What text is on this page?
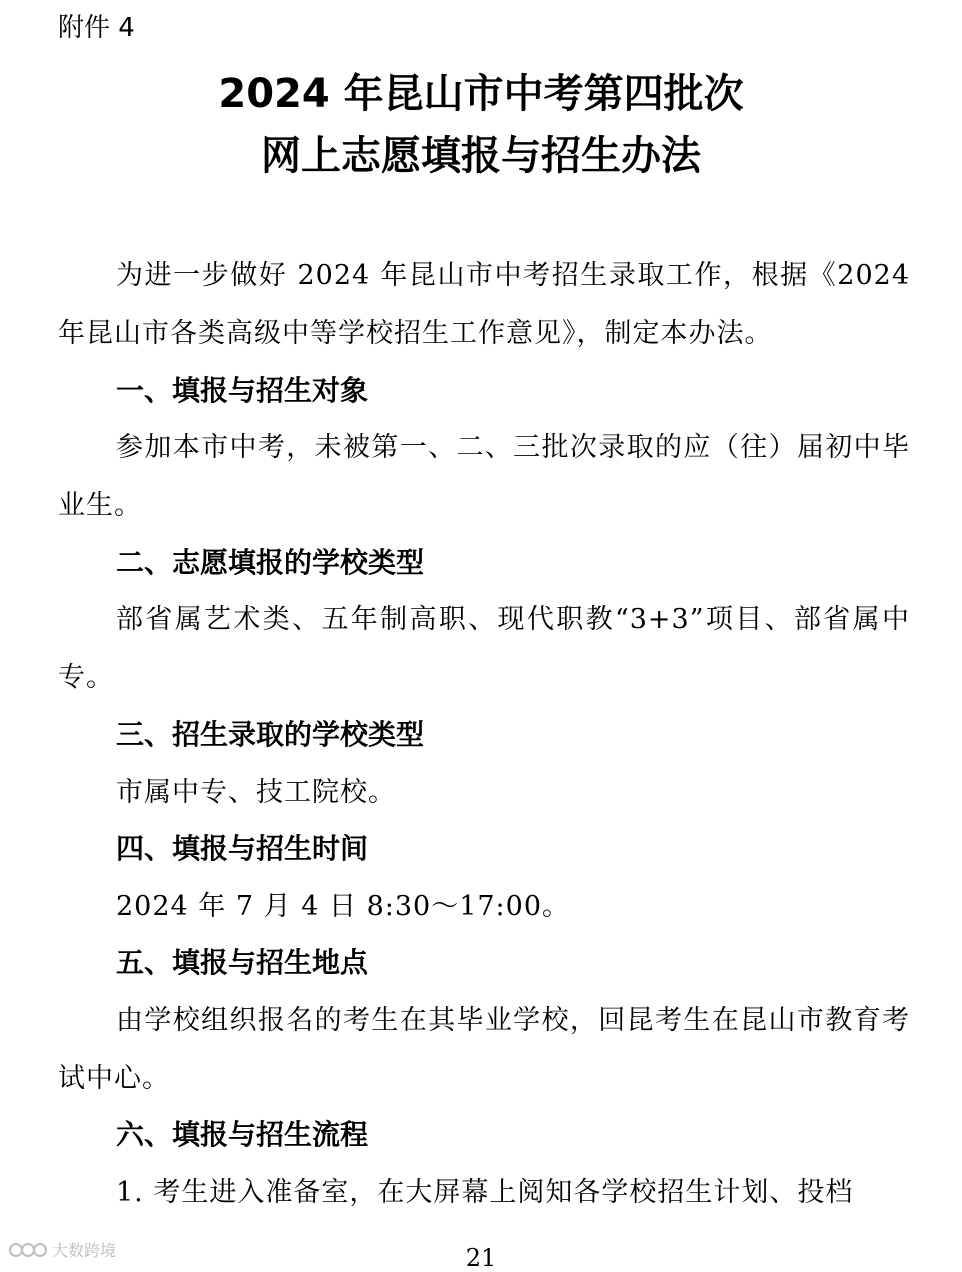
附件 4
2024 年昆山市中考第四批次
网上志愿填报与招生办法
为进一步做好 2024 年昆山市中考招生录取工作，根据《2024年昆山市各类高级中等学校招生工作意见》，制定本办法。
一、填报与招生对象
参加本市中考，未被第一、二、三批次录取的应（往）届初中毕业生。
二、志愿填报的学校类型
部省属艺术类、五年制高职、现代职教“3+3”项目、部省属中专。
三、招生录取的学校类型
市属中专、技工院校。
四、填报与招生时间
2024 年 7 月 4 日 8:30～17:00。
五、填报与招生地点
由学校组织报名的考生在其毕业学校，回昆考生在昆山市教育考试中心。
六、填报与招生流程
1. 考生进入准备室，在大屏幕上阅知各学校招生计划、投档
大数跨境	21
